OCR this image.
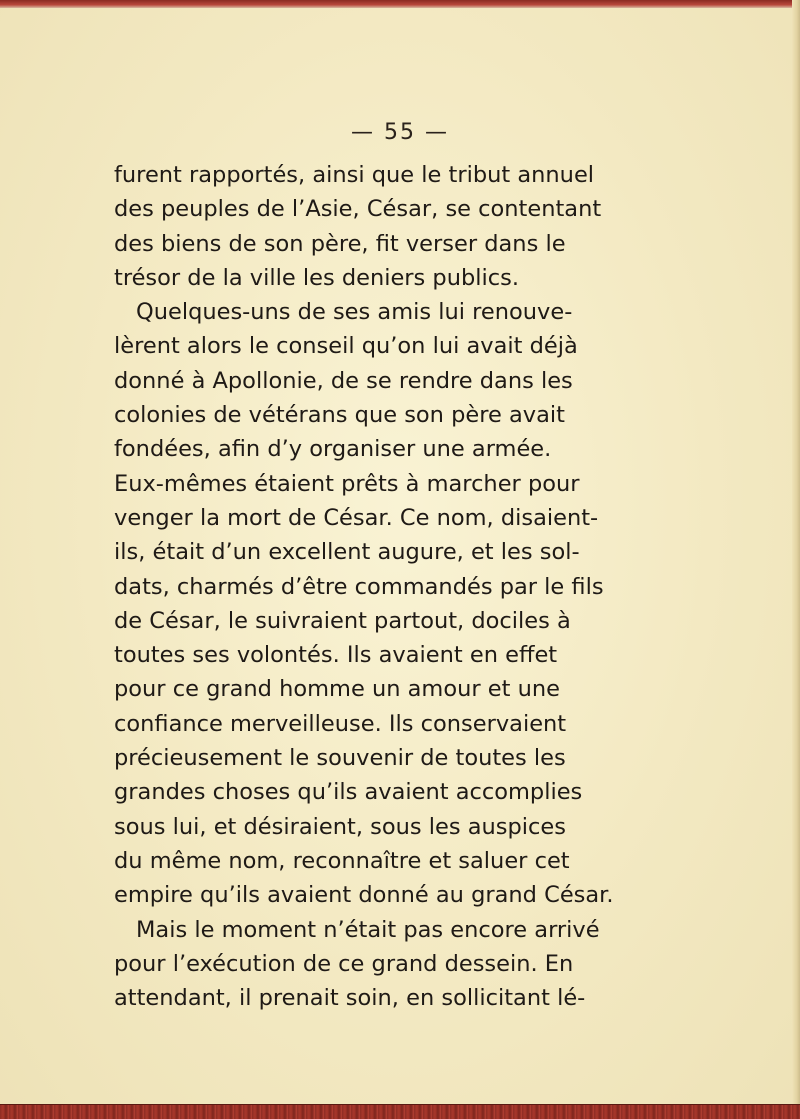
— 55 —
furent rapportés, ainsi que le tribut annuel
des peuples de l’Asie, César, se contentant
des biens de son père, fit verser dans le
trésor de la ville les deniers publics.
Quelques-uns de ses amis lui renouve-
lèrent alors le conseil qu’on lui avait déjà
donné à Apollonie, de se rendre dans les
colonies de vétérans que son père avait
fondées, afin d’y organiser une armée.
Eux-mêmes étaient prêts à marcher pour
venger la mort de César. Ce nom, disaient-
ils, était d’un excellent augure, et les sol-
dats, charmés d’être commandés par le fils
de César, le suivraient partout, dociles à
toutes ses volontés. Ils avaient en effet
pour ce grand homme un amour et une
confiance merveilleuse. Ils conservaient
précieusement le souvenir de toutes les
grandes choses qu’ils avaient accomplies
sous lui, et désiraient, sous les auspices
du même nom, reconnaître et saluer cet
empire qu’ils avaient donné au grand César.
Mais le moment n’était pas encore arrivé
pour l’exécution de ce grand dessein. En
attendant, il prenait soin, en sollicitant lé-
